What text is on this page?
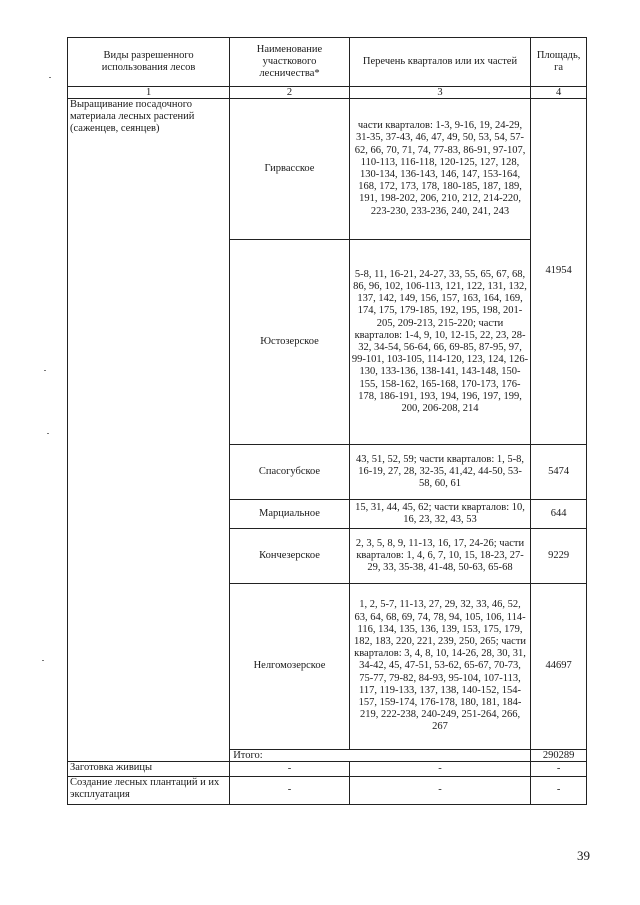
Виды разрешенного использования лесов	Наименование участкового лесничества*	Перечень кварталов или их частей	Площадь, га
1	2	3	4
Выращивание посадочного материала лесных растений (саженцев, сеянцев)	Гирвасское	части кварталов: 1-3, 9-16, 19, 24-29, 31-35, 37-43, 46, 47, 49, 50, 53, 54, 57-62, 66, 70, 71, 74, 77-83, 86-91, 97-107, 110-113, 116-118, 120-125, 127, 128, 130-134, 136-143, 146, 147, 153-164, 168, 172, 173, 178, 180-185, 187, 189, 191, 198-202, 206, 210, 212, 214-220, 223-230, 233-236, 240, 241, 243	41954
	Юстозерское	5-8, 11, 16-21, 24-27, 33, 55, 65, 67, 68, 86, 96, 102, 106-113, 121, 122, 131, 132, 137, 142, 149, 156, 157, 163, 164, 169, 174, 175, 179-185, 192, 195, 198, 201-205, 209-213, 215-220; части кварталов: 1-4, 9, 10, 12-15, 22, 23, 28-32, 34-54, 56-64, 66, 69-85, 87-95, 97, 99-101, 103-105, 114-120, 123, 124, 126-130, 133-136, 138-141, 143-148, 150-155, 158-162, 165-168, 170-173, 176-178, 186-191, 193, 194, 196, 197, 199, 200, 206-208, 214	
	Спасогубское	43, 51, 52, 59; части кварталов: 1, 5-8, 16-19, 27, 28, 32-35, 41,42, 44-50, 53-58, 60, 61	5474
	Марциальное	15, 31, 44, 45, 62; части кварталов: 10, 16, 23, 32, 43, 53	644
	Кончезерское	2, 3, 5, 8, 9, 11-13, 16, 17, 24-26; части кварталов: 1, 4, 6, 7, 10, 15, 18-23, 27-29, 33, 35-38, 41-48, 50-63, 65-68	9229
	Нелгомозерское	1, 2, 5-7, 11-13, 27, 29, 32, 33, 46, 52, 63, 64, 68, 69, 74, 78, 94, 105, 106, 114-116, 134, 135, 136, 139, 153, 175, 179, 182, 183, 220, 221, 239, 250, 265; части кварталов: 3, 4, 8, 10, 14-26, 28, 30, 31, 34-42, 45, 47-51, 53-62, 65-67, 70-73, 75-77, 79-82, 84-93, 95-104, 107-113, 117, 119-133, 137, 138, 140-152, 154-157, 159-174, 176-178, 180, 181, 184-219, 222-238, 240-249, 251-264, 266, 267	44697
	Итого:		290289
Заготовка живицы	-	-	-
Создание лесных плантаций и их эксплуатация	-	-	-
39
